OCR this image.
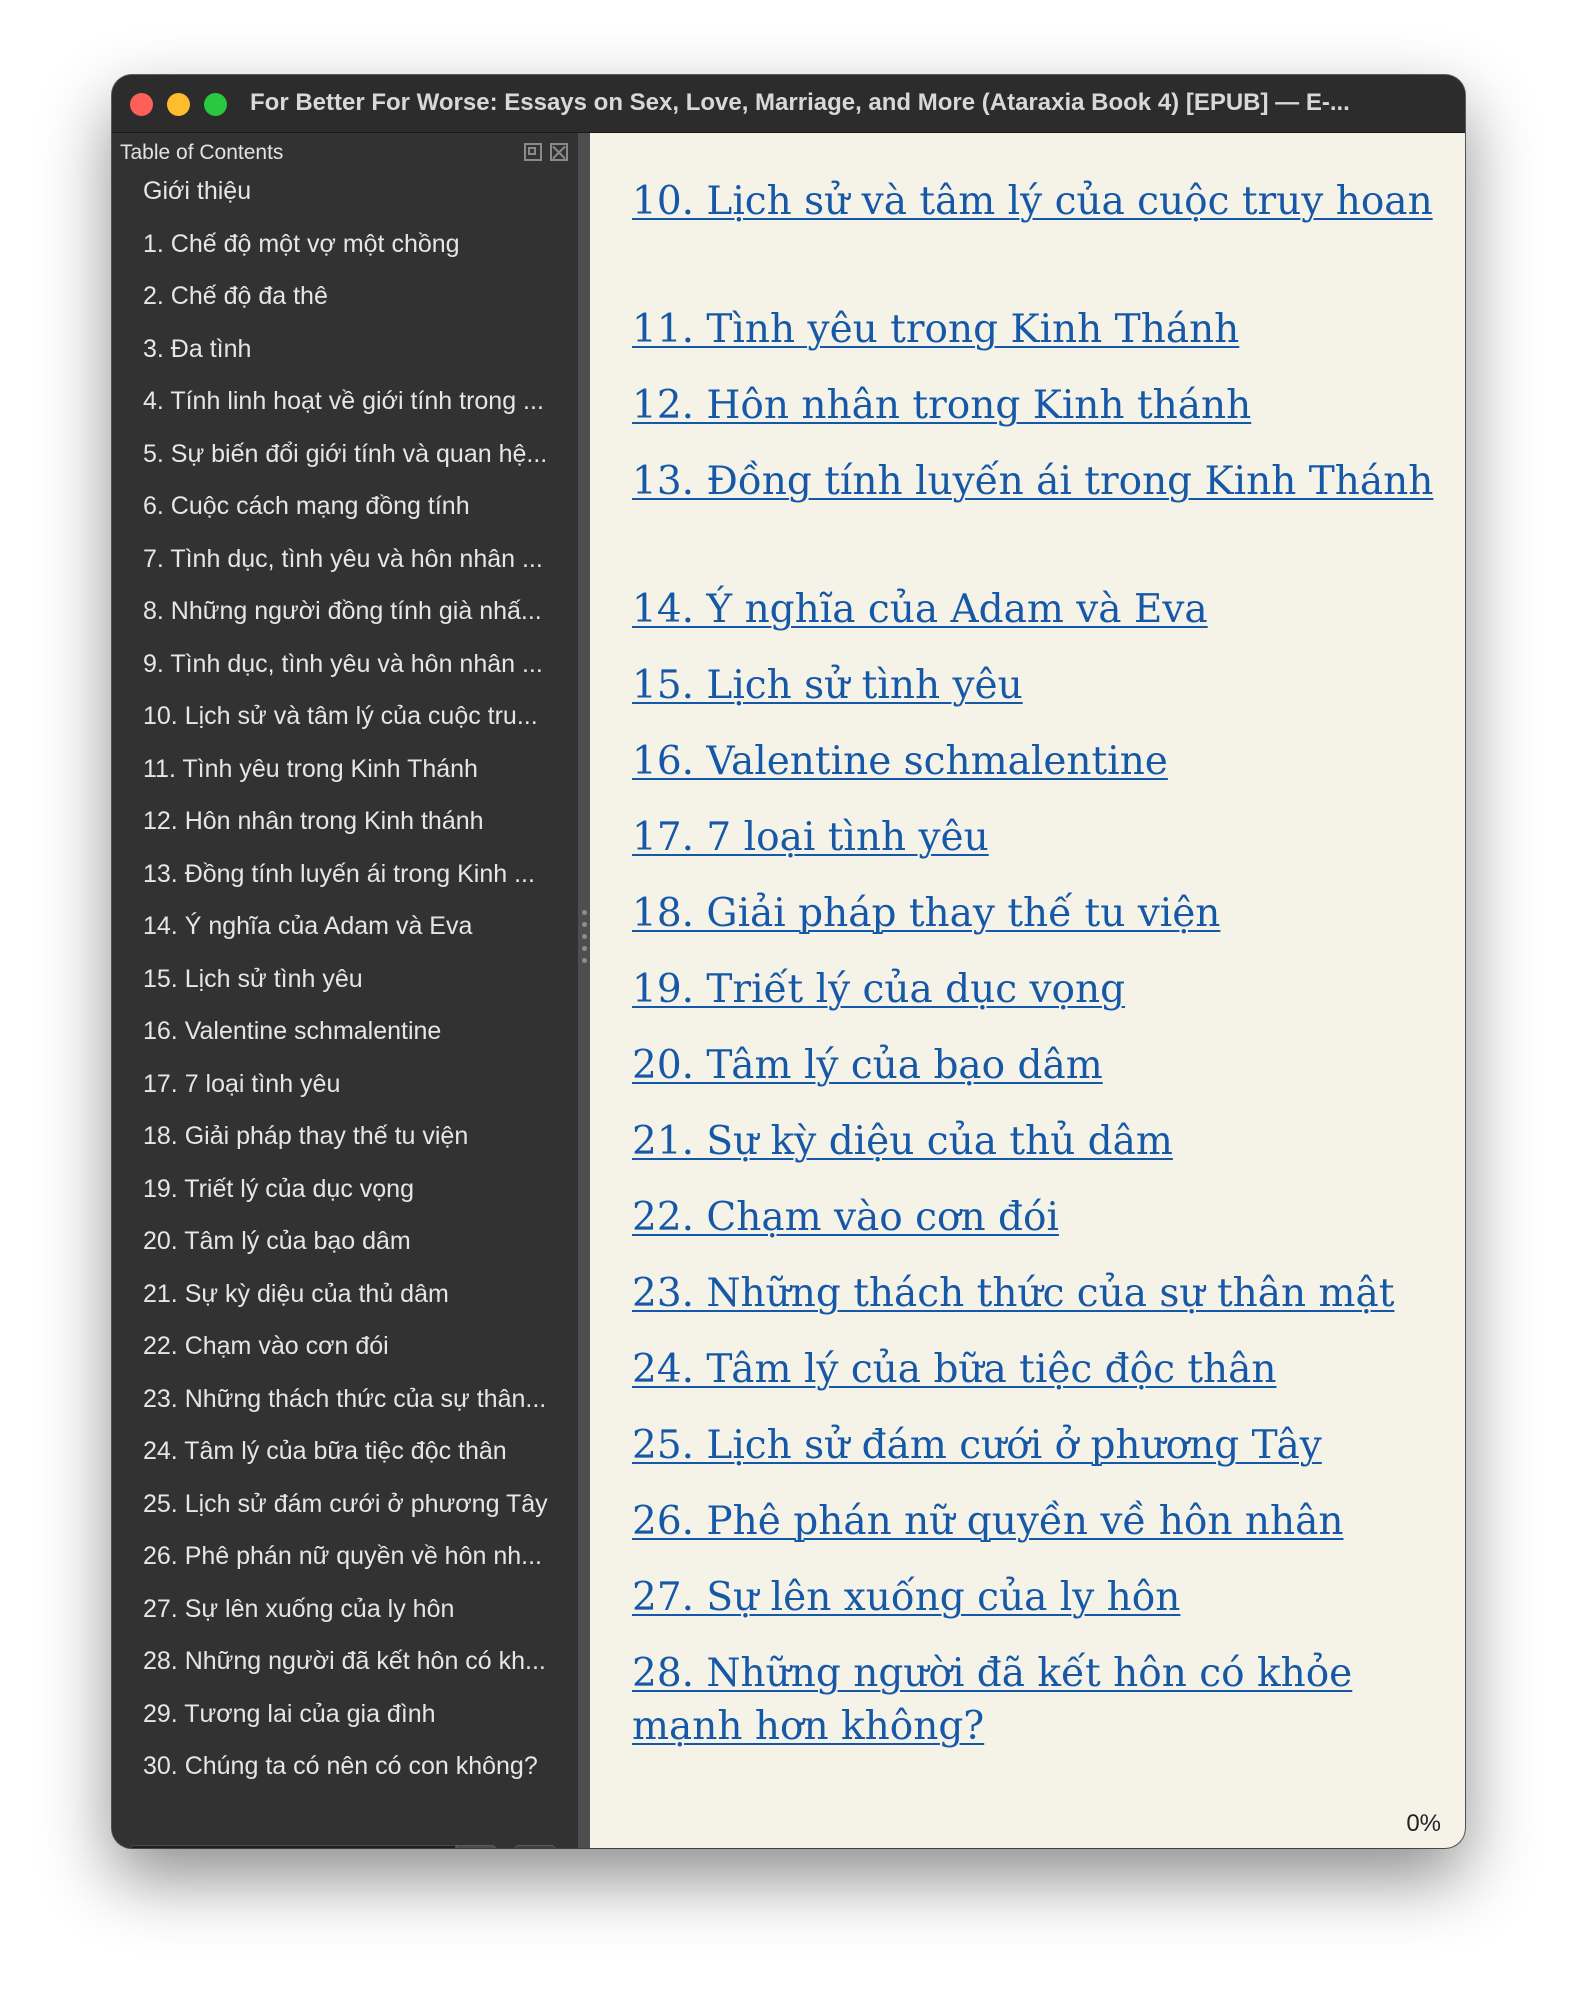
For Better For Worse: Essays on Sex, Love, Marriage, and More (Ataraxia Book 4) [EPUB] — E-...
Table of Contents
Giới thiệu
1. Chế độ một vợ một chồng
2. Chế độ đa thê
3. Đa tình
4. Tính linh hoạt về giới tính trong ...
5. Sự biến đổi giới tính và quan hệ...
6. Cuộc cách mạng đồng tính
7. Tình dục, tình yêu và hôn nhân ...
8. Những người đồng tính già nhấ...
9. Tình dục, tình yêu và hôn nhân ...
10. Lịch sử và tâm lý của cuộc tru...
11. Tình yêu trong Kinh Thánh
12. Hôn nhân trong Kinh thánh
13. Đồng tính luyến ái trong Kinh ...
14. Ý nghĩa của Adam và Eva
15. Lịch sử tình yêu
16. Valentine schmalentine
17. 7 loại tình yêu
18. Giải pháp thay thế tu viện
19. Triết lý của dục vọng
20. Tâm lý của bạo dâm
21. Sự kỳ diệu của thủ dâm
22. Chạm vào cơn đói
23. Những thách thức của sự thân...
24. Tâm lý của bữa tiệc độc thân
25. Lịch sử đám cưới ở phương Tây
26. Phê phán nữ quyền về hôn nh...
27. Sự lên xuống của ly hôn
28. Những người đã kết hôn có kh...
29. Tương lai của gia đình
30. Chúng ta có nên có con không?
Search Table of Contents
10. Lịch sử và tâm lý của cuộc truy hoan
11. Tình yêu trong Kinh Thánh
12. Hôn nhân trong Kinh thánh
13. Đồng tính luyến ái trong Kinh Thánh
14. Ý nghĩa của Adam và Eva
15. Lịch sử tình yêu
16. Valentine schmalentine
17. 7 loại tình yêu
18. Giải pháp thay thế tu viện
19. Triết lý của dục vọng
20. Tâm lý của bạo dâm
21. Sự kỳ diệu của thủ dâm
22. Chạm vào cơn đói
23. Những thách thức của sự thân mật
24. Tâm lý của bữa tiệc độc thân
25. Lịch sử đám cưới ở phương Tây
26. Phê phán nữ quyền về hôn nhân
27. Sự lên xuống của ly hôn
28. Những người đã kết hôn có khỏe mạnh hơn không?
0%
